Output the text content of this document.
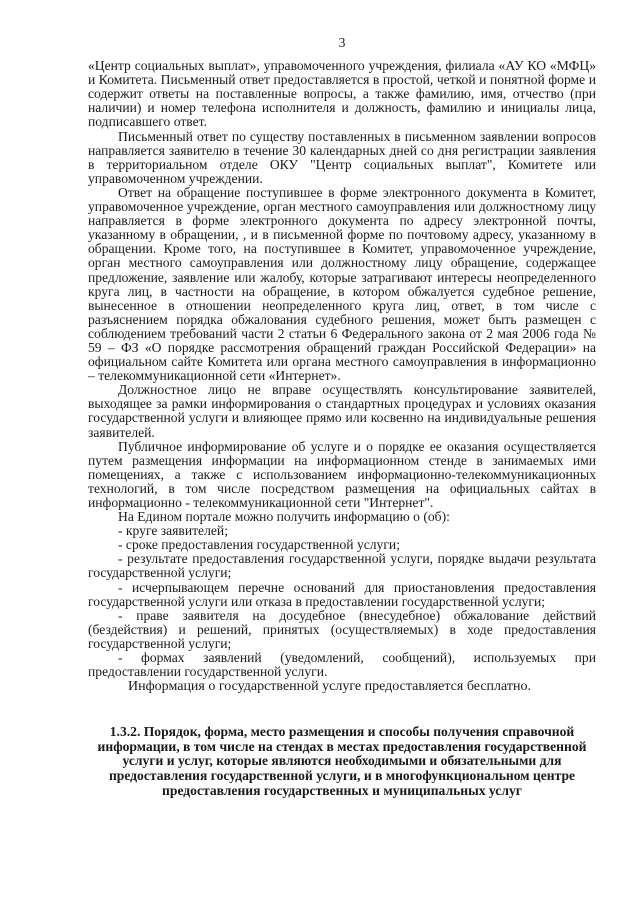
3

«Центр социальных выплат», управомоченного учреждения, филиала «АУ КО «МФЦ» и Комитета. Письменный ответ предоставляется в простой, четкой и понятной форме и содержит ответы на поставленные вопросы, а также фамилию, имя, отчество (при наличии) и номер телефона исполнителя и должность, фамилию и инициалы лица, подписавшего ответ.

Письменный ответ по существу поставленных в письменном заявлении вопросов направляется заявителю в течение 30 календарных дней со дня регистрации заявления в территориальном отделе ОКУ "Центр социальных выплат", Комитете или управомоченном учреждении.

Ответ на обращение поступившее в форме электронного документа в Комитет, управомоченное учреждение, орган местного самоуправления или должностному лицу направляется в форме электронного документа по адресу электронной почты, указанному в обращении, , и в письменной форме по почтовому адресу, указанному в обращении. Кроме того, на поступившее в Комитет, управомоченное учреждение, орган местного самоуправления или должностному лицу обращение, содержащее предложение, заявление или жалобу, которые затрагивают интересы неопределенного круга лиц, в частности на обращение, в котором обжалуется судебное решение, вынесенное в отношении неопределенного круга лиц, ответ, в том числе с разъяснением порядка обжалования судебного решения, может быть размещен с соблюдением требований части 2 статьи 6 Федерального закона от 2 мая 2006 года № 59 – ФЗ «О порядке рассмотрения обращений граждан Российской Федерации» на официальном сайте Комитета или органа местного самоуправления в информационно – телекоммуникационной сети «Интернет».

Должностное лицо не вправе осуществлять консультирование заявителей, выходящее за рамки информирования о стандартных процедурах и условиях оказания государственной услуги и влияющее прямо или косвенно на индивидуальные решения заявителей.

Публичное информирование об услуге и о порядке ее оказания осуществляется путем размещения информации на информационном стенде в занимаемых ими помещениях, а также с использованием информационно-телекоммуникационных технологий, в том числе посредством размещения на официальных сайтах в информационно - телекоммуникационной сети "Интернет".

На Едином портале можно получить информацию о (об):

- круге заявителей;

- сроке предоставления государственной услуги;

- результате предоставления государственной услуги, порядке выдачи результата государственной услуги;

- исчерпывающем перечне оснований для приостановления предоставления государственной услуги или отказа в предоставлении государственной услуги;

- праве заявителя на досудебное (внесудебное) обжалование действий (бездействия) и решений, принятых (осуществляемых) в ходе предоставления государственной услуги;

- формах заявлений (уведомлений, сообщений), используемых при предоставлении государственной услуги.

Информация о государственной услуге предоставляется бесплатно.

1.3.2. Порядок, форма, место размещения и способы получения справочной информации, в том числе на стендах в местах предоставления государственной услуги и услуг, которые являются необходимыми и обязательными для предоставления государственной услуги, и в многофункциональном центре предоставления государственных и муниципальных услуг
